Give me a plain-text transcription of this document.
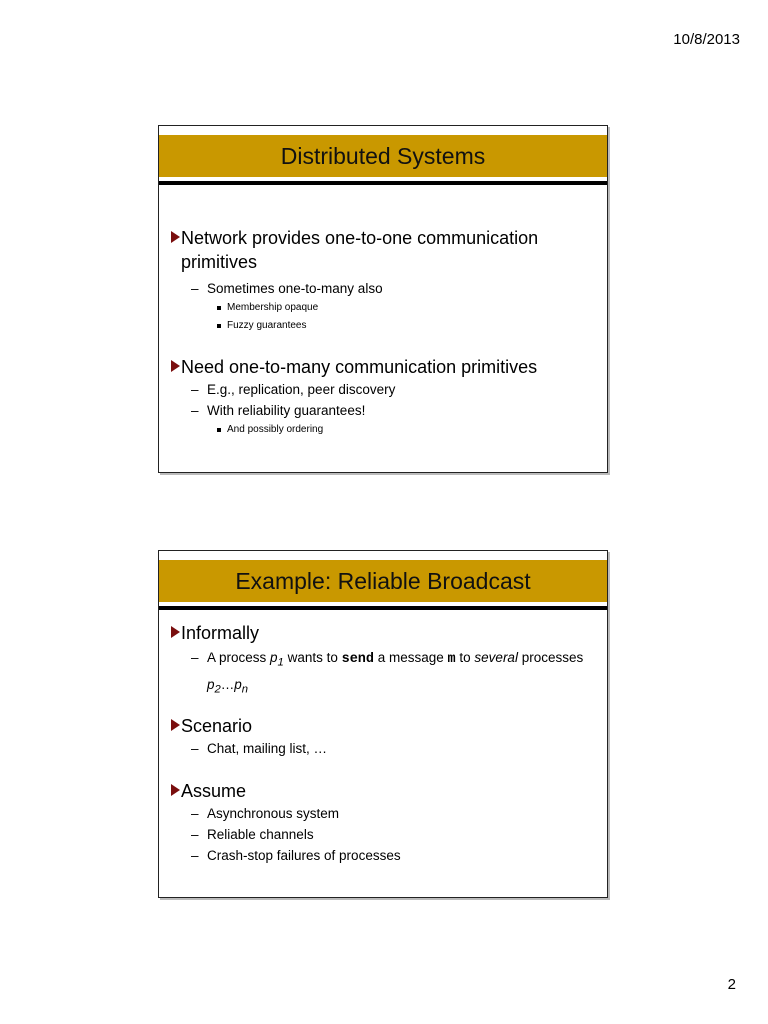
10/8/2013
Distributed Systems
Network provides one-to-one communication
primitives
– Sometimes one-to-many also
Membership opaque
Fuzzy guarantees
Need one-to-many communication primitives
– E.g., replication, peer discovery
– With reliability guarantees!
And possibly ordering
Example: Reliable Broadcast
Informally
– A process $p_1$ wants to send a message m to several processes
$p_2\dots p_n$
Scenario
– Chat, mailing list, …
Assume
– Asynchronous system
– Reliable channels
– Crash-stop failures of processes
2
